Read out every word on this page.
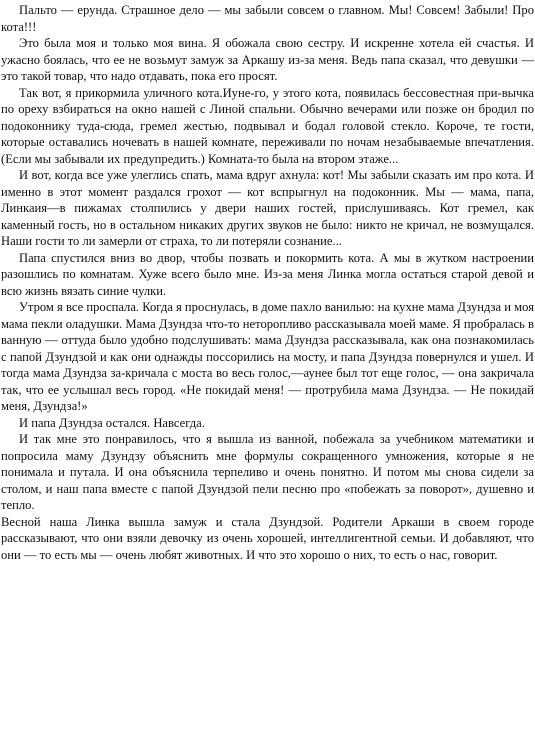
Пальто — ерунда. Страшное дело — мы забыли совсем о главном. Мы! Совсем! Забыли! Про кота!!!

Это была моя и только моя вина. Я обожала свою сестру. И искренне хотела ей счастья. И ужасно боялась, что ее не возьмут замуж за Аркашу из-за меня. Ведь папа сказал, что девушки — это такой товар, что надо отдавать, пока его просят.

Так вот, я прикормила уличного кота.Иуне-го, у этого кота, появилась бессовестная при-вычка по ореху взбираться на окно нашей с Линой спальни. Обычно вечерами или позже он бродил по подоконнику туда-сюда, гремел жестью, подвывал и бодал головой стекло. Короче, те гости, которые оставались ночевать в нашей комнате, переживали по ночам незабываемые впечатления. (Если мы забывали их предупредить.) Комната-то была на втором этаже...

И вот, когда все уже улеглись спать, мама вдруг ахнула: кот! Мы забыли сказать им про кота. И именно в этот момент раздался грохот — кот вспрыгнул на подоконник. Мы — мама, папа, Линкаия—в пижамах столпились у двери наших гостей, прислушиваясь. Кот гремел, как каменный гость, но в остальном никаких других звуков не было: никто не кричал, не возмущался. Наши гости то ли замерли от страха, то ли потеряли сознание...

Папа спустился вниз во двор, чтобы позвать и покормить кота. А мы в жутком настроении разошлись по комнатам. Хуже всего было мне. Из-за меня Линка могла остаться старой девой и всю жизнь вязать синие чулки.

Утром я все проспала. Когда я проснулась, в доме пахло ванилью: на кухне мама Дзундза и моя мама пекли оладушки. Мама Дзундза что-то неторопливо рассказывала моей маме. Я пробралась в ванную — оттуда было удобно подслушивать: мама Дзундза рассказывала, как она познакомилась с папой Дзундзой и как они однажды поссорились на мосту, и папа Дзундза повернулся и ушел. И тогда мама Дзундза за-кричала с моста во весь голос,—аунее был тот еще голос, — она закричала так, что ее услышал весь город. «Не покидай меня! — протрубила мама Дзундза. — Не покидай меня, Дзундза!»

И папа Дзундза остался. Навсегда.

И так мне это понравилось, что я вышла из ванной, побежала за учебником математики и попросила маму Дзундзу объяснить мне формулы сокращенного умножения, которые я не понимала и путала. И она объяснила терпеливо и очень понятно. И потом мы снова сидели за столом, и наш папа вместе с папой Дзундзой пели песню про «побежать за поворот», душевно и тепло.

Весной наша Линка вышла замуж и стала Дзундзой. Родители Аркаши в своем городе рассказывают, что они взяли девочку из очень хорошей, интеллигентной семьи. И добавляют, что они — то есть мы — очень любят животных. И что это хорошо о них, то есть о нас, говорит.
